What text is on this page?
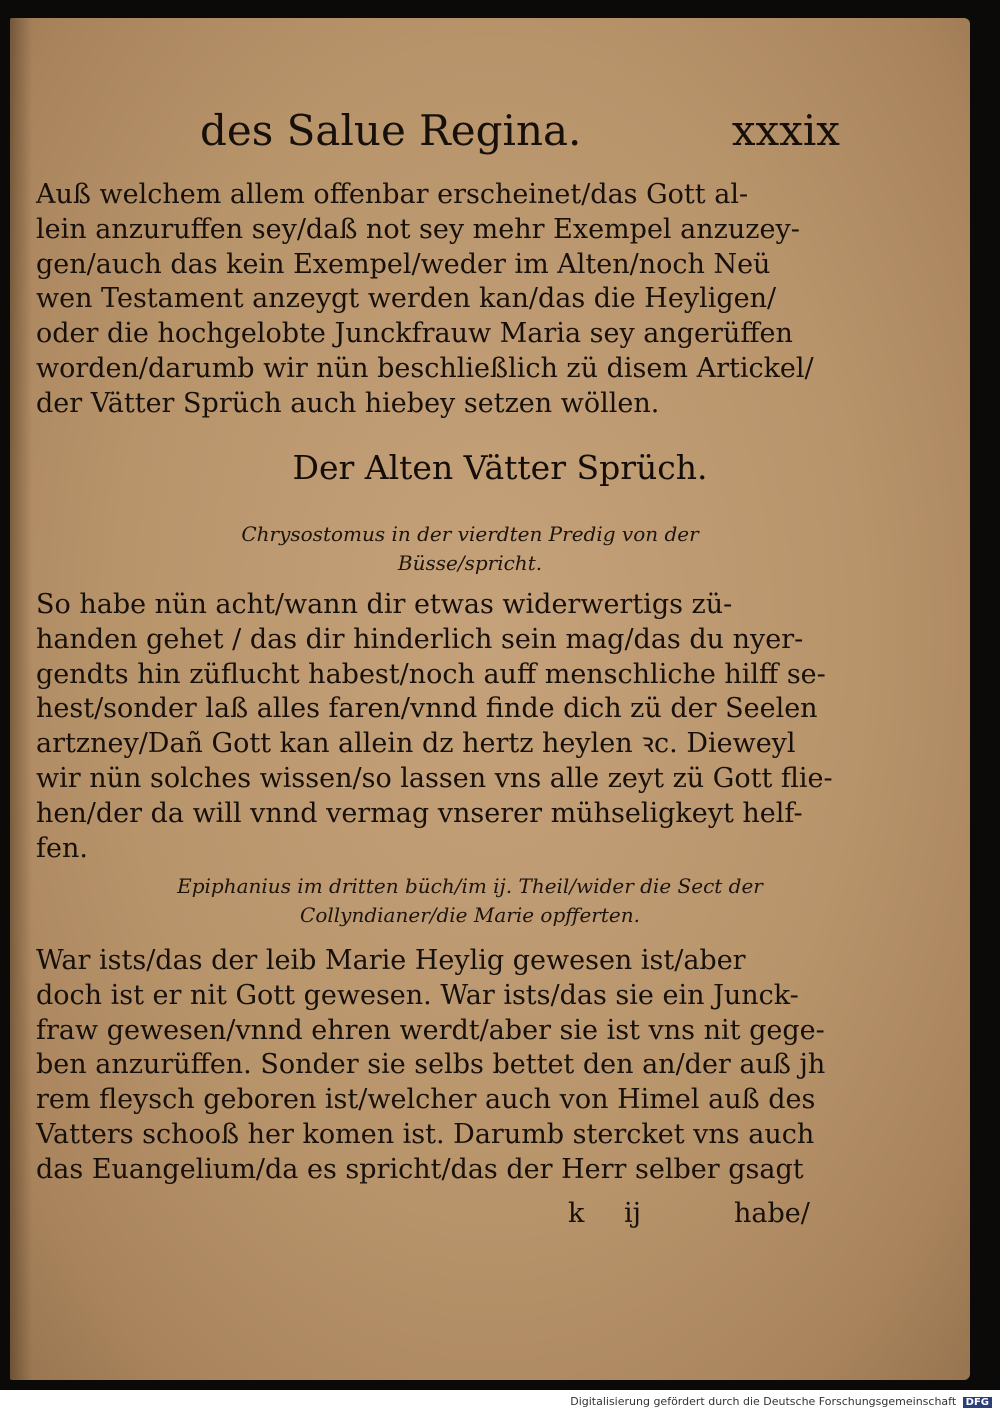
des Salue Regina.	xxxix
Auß welchem allem offenbar erscheinet/das Gott al-
lein anzuruffen sey/daß not sey mehr Exempel anzuzey-
gen/auch das kein Exempel/weder im Alten/noch Neü
wen Testament anzeygt werden kan/das die Heyligen/
oder die hochgelobte Junckfrauw Maria sey angerüffen
worden/darumb wir nün beschließlich zü disem Artickel/
der Vätter Sprüch auch hiebey setzen wöllen.
Der Alten Vätter Sprüch.
Chrysostomus in der vierdten Predig von der
Büsse/spricht.
So habe nün acht/wann dir etwas widerwertigs zü-
handen gehet / das dir hinderlich sein mag/das du nyer-
gendts hin züflucht habest/noch auff menschliche hilff se-
hest/sonder laß alles faren/vnnd finde dich zü der Seelen
artzney/Dañ Gott kan allein dz hertz heylen ꝛc. Dieweyl
wir nün solches wissen/so lassen vns alle zeyt zü Gott flie-
hen/der da will vnnd vermag vnserer mühseligkeyt helf-
fen.
Epiphanius im dritten büch/im ij. Theil/wider die Sect der
Collyndianer/die Marie opfferten.
War ists/das der leib Marie Heylig gewesen ist/aber
doch ist er nit Gott gewesen. War ists/das sie ein Junck-
fraw gewesen/vnnd ehren werdt/aber sie ist vns nit gege-
ben anzurüffen. Sonder sie selbs bettet den an/der auß jh
rem fleysch geboren ist/welcher auch von Himel auß des
Vatters schooß her komen ist. Darumb stercket vns auch
das Euangelium/da es spricht/das der Herr selber gsagt
k ij	habe/
Digitalisierung gefördert durch die Deutsche Forschungsgemeinschaft DFG
